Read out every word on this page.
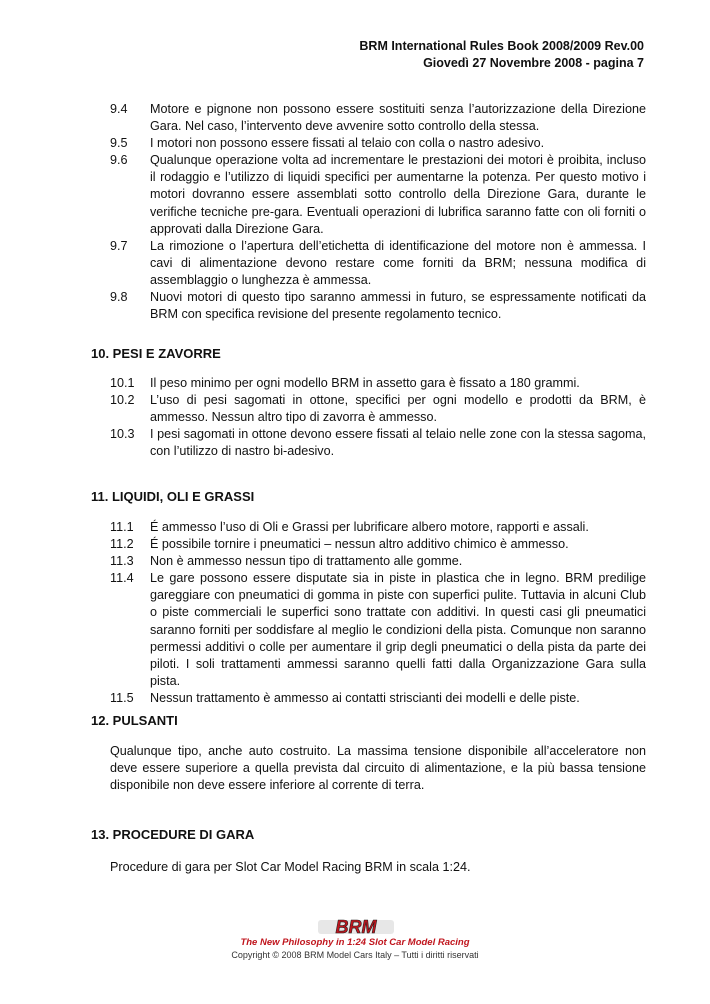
BRM International Rules Book 2008/2009 Rev.00
Giovedì 27 Novembre 2008 - pagina 7
9.4	Motore e pignone non possono essere sostituiti senza l’autorizzazione della Direzione Gara. Nel caso, l’intervento deve avvenire sotto controllo della stessa.
9.5	I motori non possono essere fissati al telaio con colla o nastro adesivo.
9.6	Qualunque operazione volta ad incrementare le prestazioni dei motori è proibita, incluso il rodaggio e l’utilizzo di liquidi specifici per aumentarne la potenza. Per questo motivo i motori dovranno essere assemblati sotto controllo della Direzione Gara, durante le verifiche tecniche pre-gara. Eventuali operazioni di lubrifica saranno fatte con oli forniti o approvati dalla Direzione Gara.
9.7	La rimozione o l’apertura dell’etichetta di identificazione del motore non è ammessa. I cavi di alimentazione devono restare come forniti da BRM; nessuna modifica di assemblaggio o lunghezza è ammessa.
9.8	Nuovi motori di questo tipo saranno ammessi in futuro, se espressamente notificati da BRM con specifica revisione del presente regolamento tecnico.
10. PESI E ZAVORRE
10.1	Il peso minimo per ogni modello BRM in assetto gara è fissato a 180 grammi.
10.2	L’uso di pesi sagomati in ottone, specifici per ogni modello e prodotti da BRM, è ammesso. Nessun altro tipo di zavorra è ammesso.
10.3	I pesi sagomati in ottone devono essere fissati al telaio nelle zone con la stessa sagoma, con l’utilizzo di nastro bi-adesivo.
11. LIQUIDI, OLI E GRASSI
11.1	É ammesso l’uso di Oli e Grassi per lubrificare albero motore, rapporti e assali.
11.2	É possibile tornire i pneumatici – nessun altro additivo chimico è ammesso.
11.3	Non è ammesso nessun tipo di trattamento alle gomme.
11.4	Le gare possono essere disputate sia in piste in plastica che in legno. BRM predilige gareggiare con pneumatici di gomma in piste con superfici pulite. Tuttavia in alcuni Club o piste commerciali le superfici sono trattate con additivi. In questi casi gli pneumatici saranno forniti per soddisfare al meglio le condizioni della pista. Comunque non saranno permessi additivi o colle per aumentare il grip degli pneumatici o della pista da parte dei piloti. I soli trattamenti ammessi saranno quelli fatti dalla Organizzazione Gara sulla pista.
11.5	Nessun trattamento è ammesso ai contatti striscianti dei modelli e delle piste.
12. PULSANTI
Qualunque tipo, anche auto costruito. La massima tensione disponibile all’acceleratore non deve essere superiore a quella prevista dal circuito di alimentazione, e la più bassa tensione disponibile non deve essere inferiore al corrente di terra.
13. PROCEDURE DI GARA
Procedure di gara per Slot Car Model Racing BRM in scala 1:24.
BRM
The New Philosophy in 1:24 Slot Car Model Racing
Copyright © 2008 BRM Model Cars Italy – Tutti i diritti riservati
